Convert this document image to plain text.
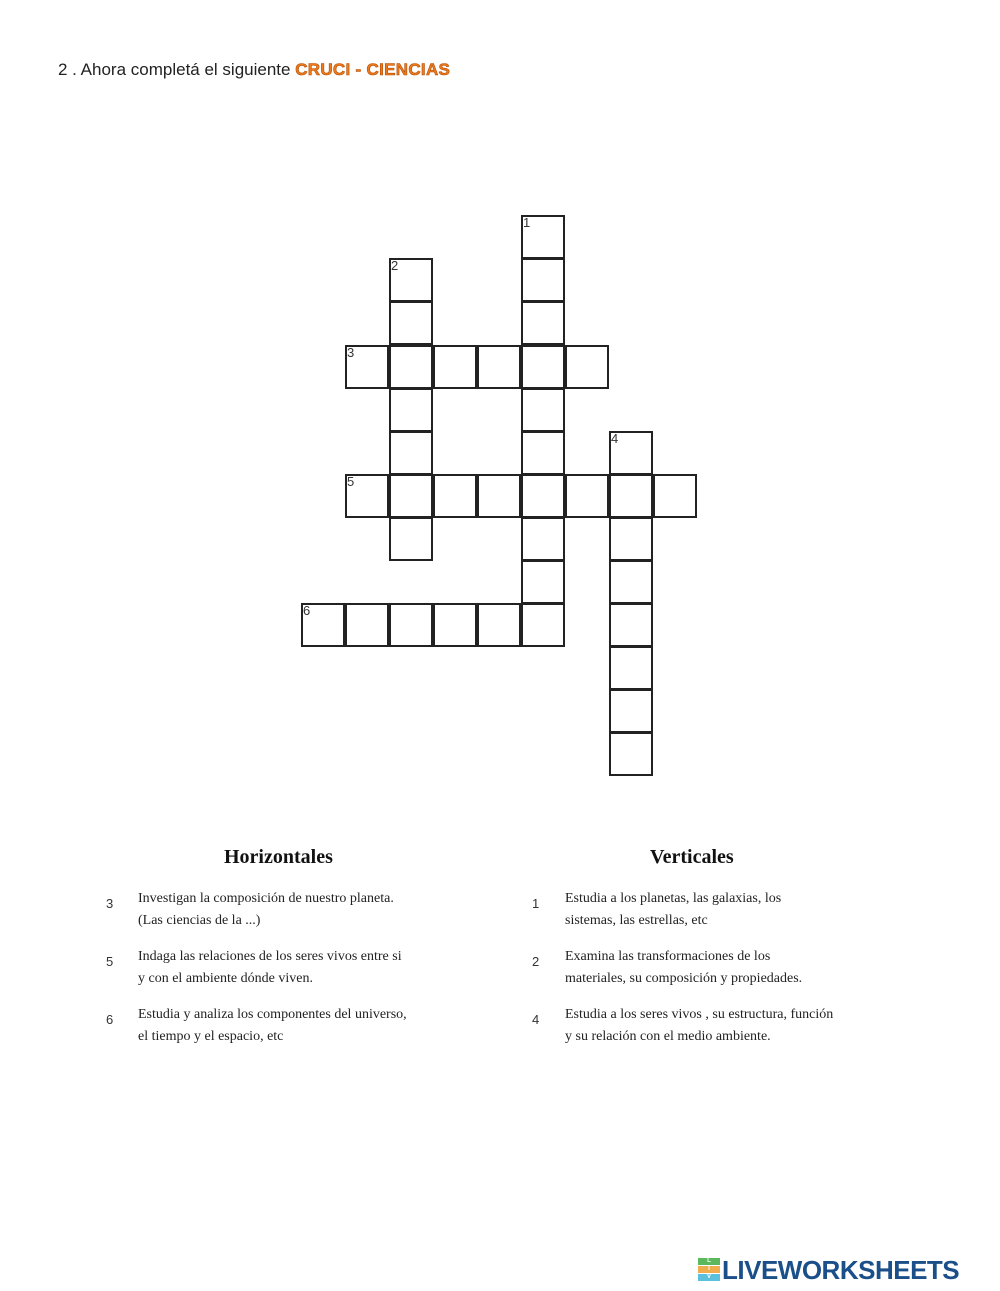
2 . Ahora completá el siguiente CRUCI - CIENCIAS
1
2
3
4
5
6
Horizontales
3 Investigan la composición de nuestro planeta.
(Las ciencias de la ...)
5 Indaga las relaciones de los seres vivos entre si
y con el ambiente dónde viven.
6 Estudia y analiza los componentes del universo,
el tiempo y el espacio, etc
Verticales
1 Estudia a los planetas, las galaxias, los
sistemas, las estrellas, etc
2 Examina las transformaciones de los
materiales, su composición y propiedades.
4 Estudia a los seres vivos , su estructura, función
y su relación con el medio ambiente.
L
I
V LIVEWORKSHEETS
